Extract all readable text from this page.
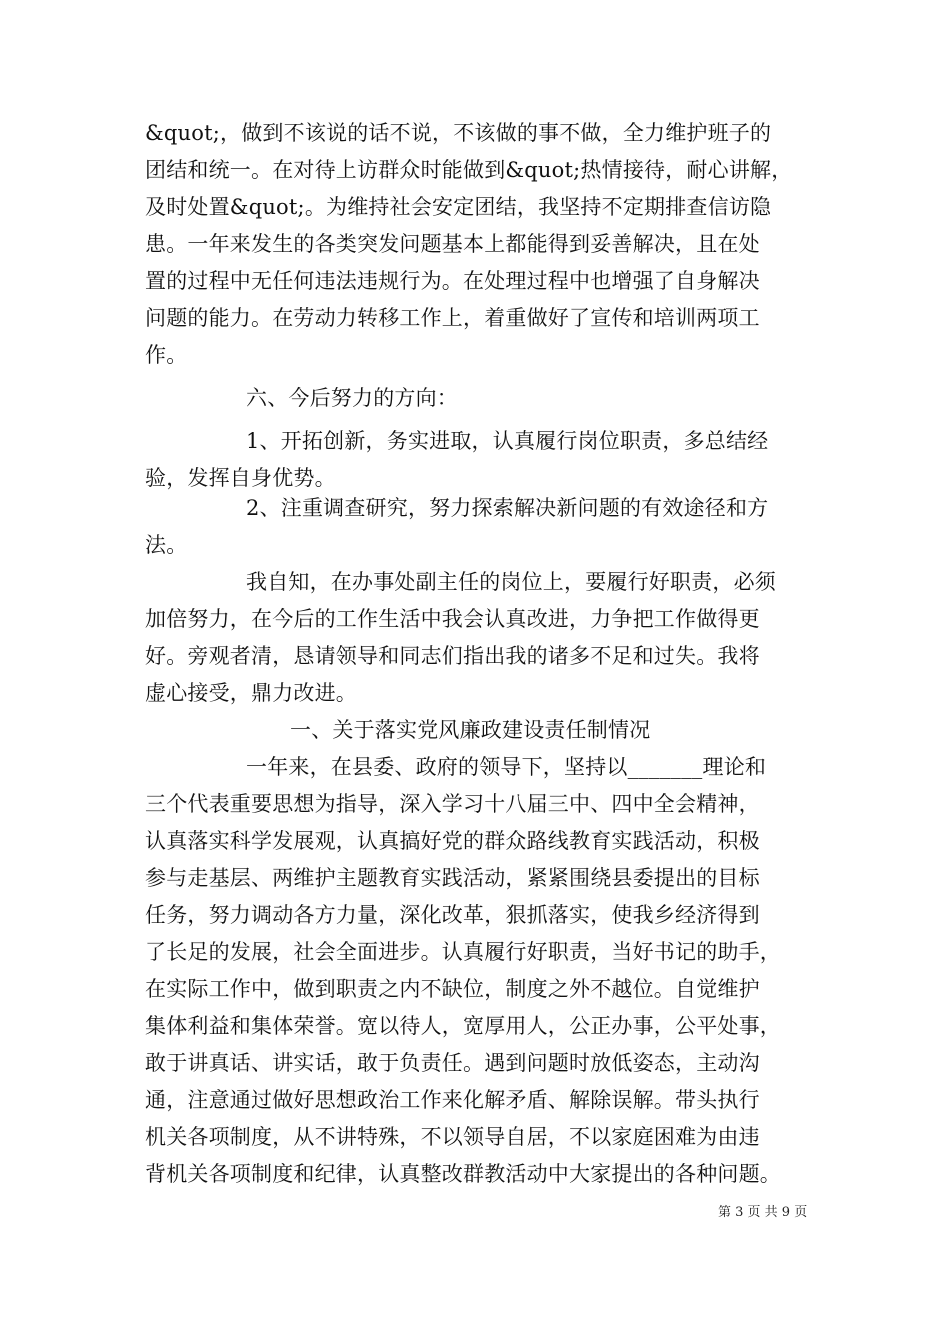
&quot;，做到不该说的话不说，不该做的事不做，全力维护班子的
团结和统一。在对待上访群众时能做到&quot;热情接待，耐心讲解，
及时处置&quot;。为维持社会安定团结，我坚持不定期排查信访隐
患。一年来发生的各类突发问题基本上都能得到妥善解决，且在处
置的过程中无任何违法违规行为。在处理过程中也增强了自身解决
问题的能力。在劳动力转移工作上，着重做好了宣传和培训两项工
作。
六、今后努力的方向：
1、开拓创新，务实进取，认真履行岗位职责，多总结经
验，发挥自身优势。
2、注重调查研究，努力探索解决新问题的有效途径和方
法。
我自知，在办事处副主任的岗位上，要履行好职责，必须
加倍努力，在今后的工作生活中我会认真改进，力争把工作做得更
好。旁观者清，恳请领导和同志们指出我的诸多不足和过失。我将
虚心接受，鼎力改进。
一、关于落实党风廉政建设责任制情况
一年来，在县委、政府的领导下，坚持以_______理论和
三个代表重要思想为指导，深入学习十八届三中、四中全会精神，
认真落实科学发展观，认真搞好党的群众路线教育实践活动，积极
参与走基层、两维护主题教育实践活动，紧紧围绕县委提出的目标
任务，努力调动各方力量，深化改革，狠抓落实，使我乡经济得到
了长足的发展，社会全面进步。认真履行好职责，当好书记的助手，
在实际工作中，做到职责之内不缺位，制度之外不越位。自觉维护
集体利益和集体荣誉。宽以待人，宽厚用人，公正办事，公平处事，
敢于讲真话、讲实话，敢于负责任。遇到问题时放低姿态，主动沟
通，注意通过做好思想政治工作来化解矛盾、解除误解。带头执行
机关各项制度，从不讲特殊，不以领导自居，不以家庭困难为由违
背机关各项制度和纪律，认真整改群教活动中大家提出的各种问题。
第 3 页 共 9 页
